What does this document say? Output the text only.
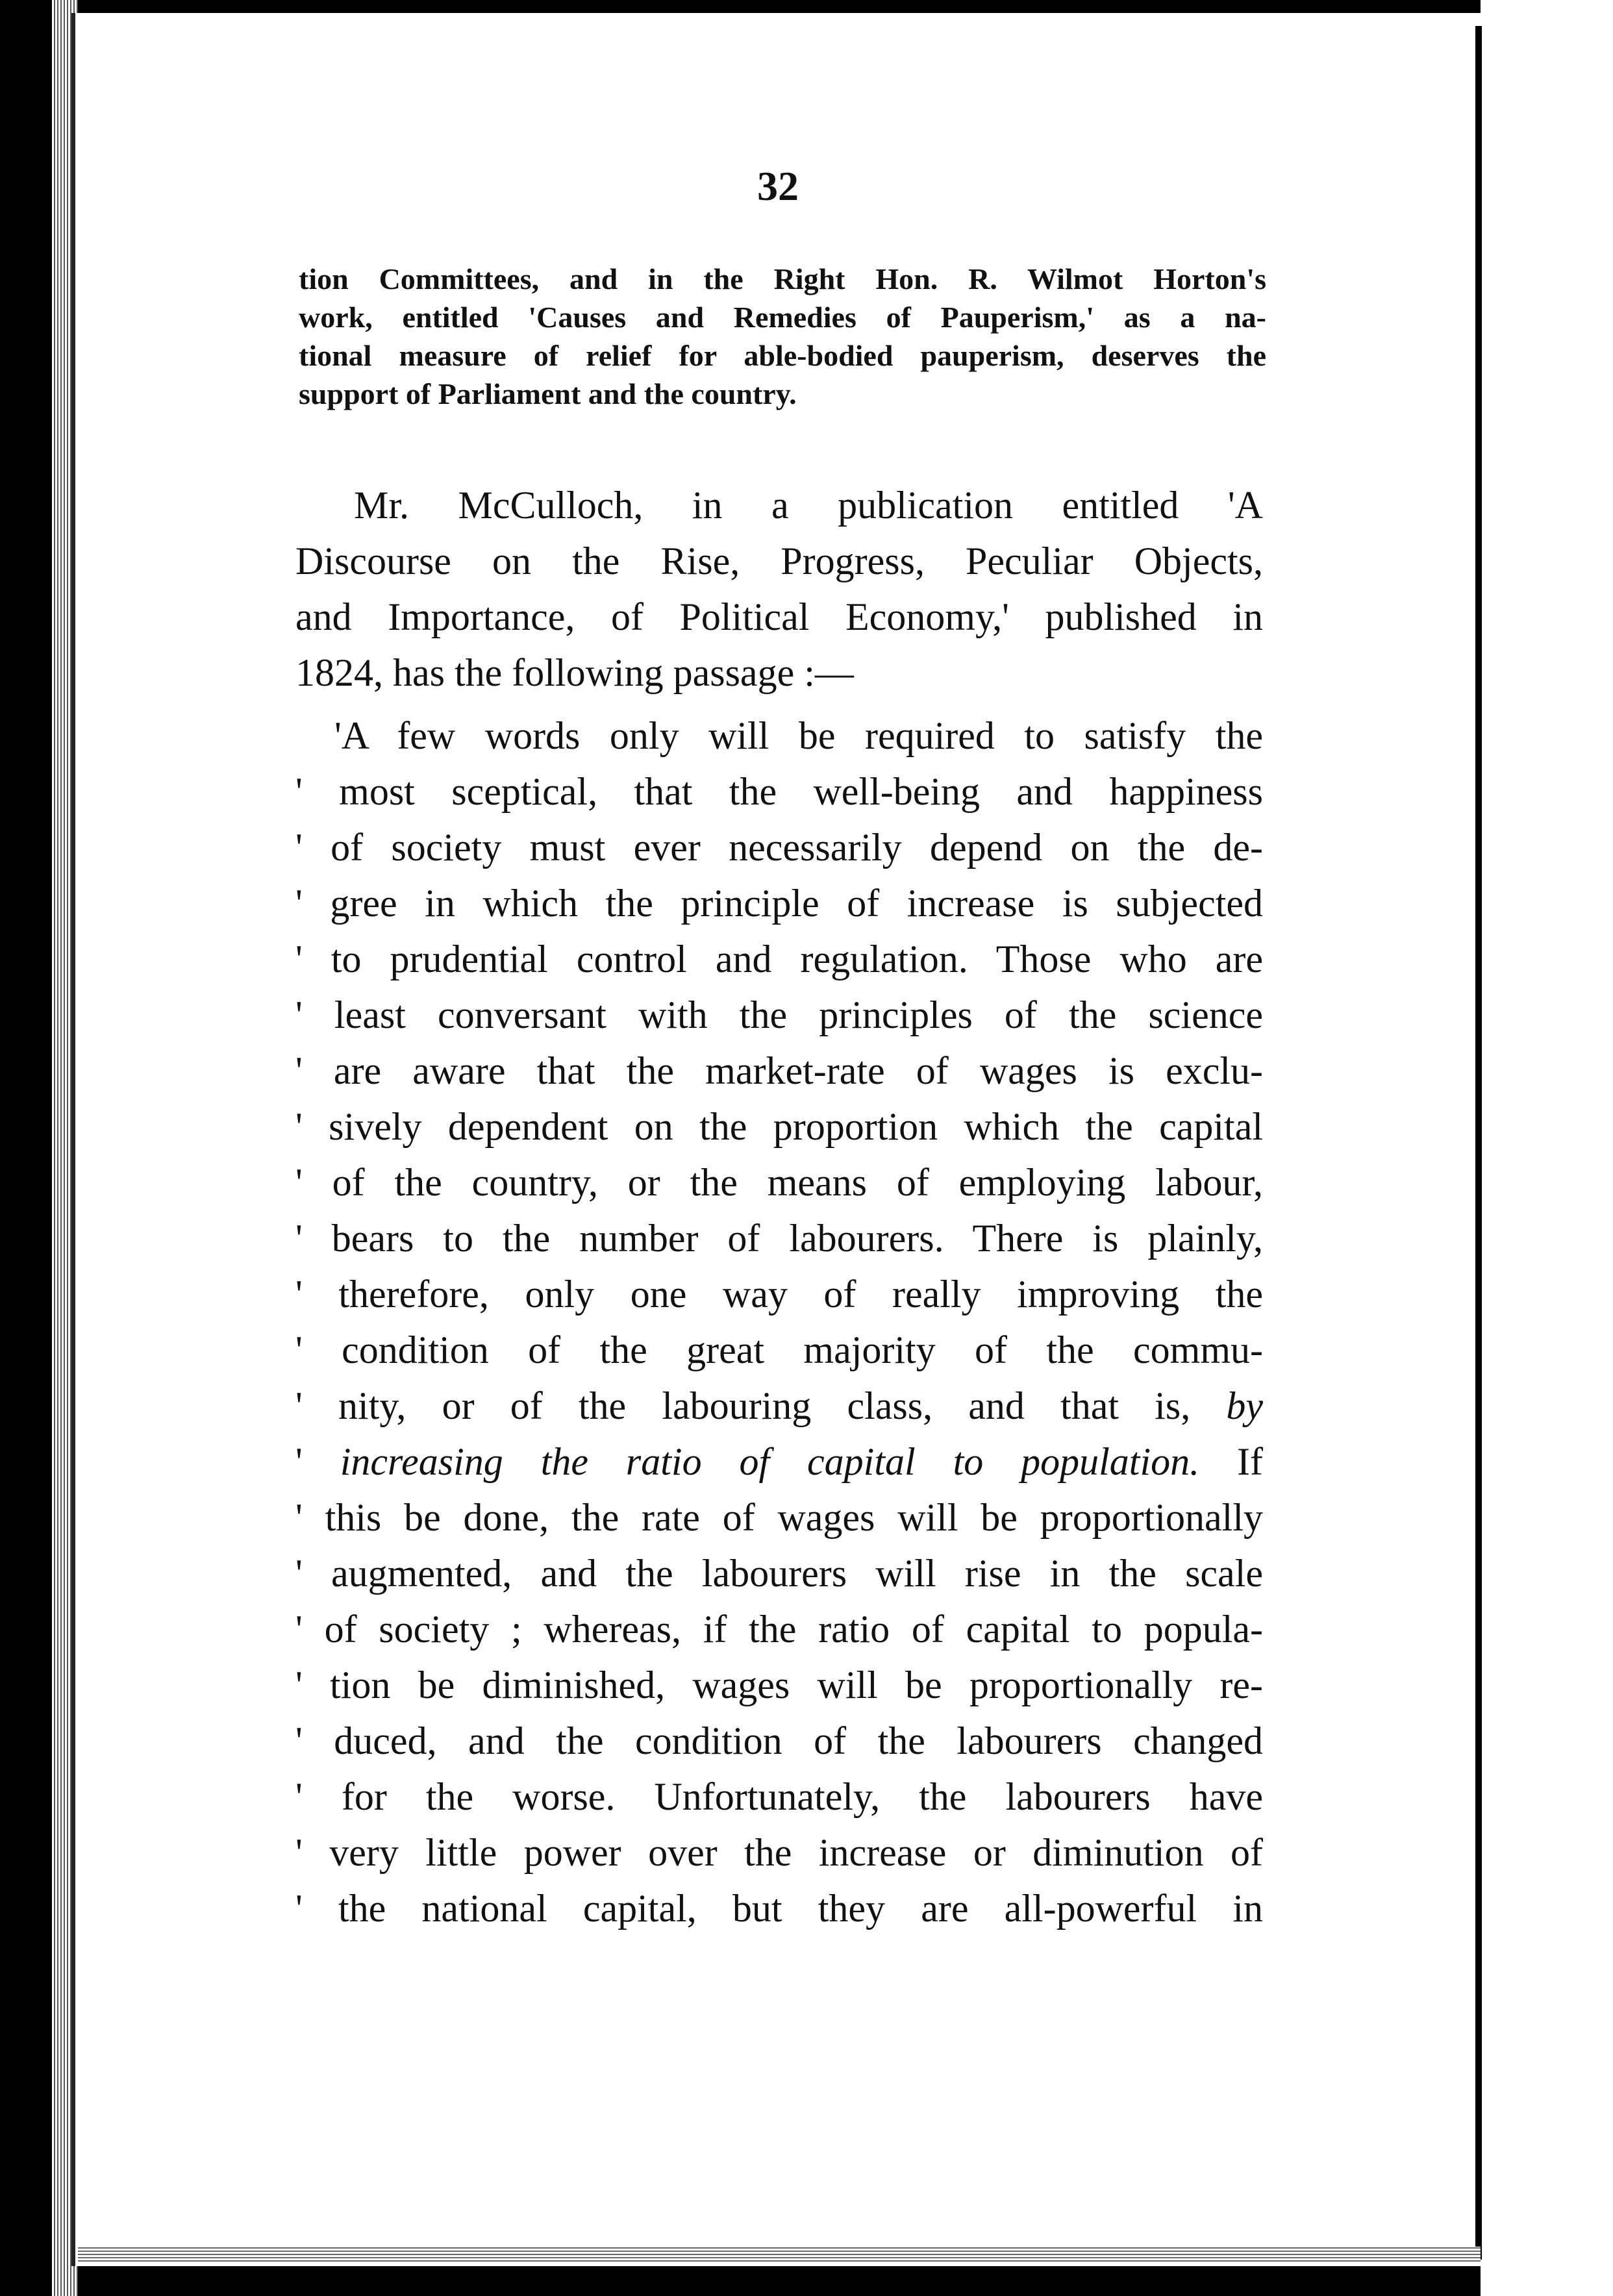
32
tion Committees, and in the Right Hon. R. Wilmot Horton's
work, entitled 'Causes and Remedies of Pauperism,' as a na-
tional measure of relief for able-bodied pauperism, deserves the
support of Parliament and the country.
Mr. McCulloch, in a publication entitled 'A
Discourse on the Rise, Progress, Peculiar Objects,
and Importance, of Political Economy,' published in
1824, has the following passage :—
'A few words only will be required to satisfy the
' most sceptical, that the well-being and happiness
' of society must ever necessarily depend on the de-
' gree in which the principle of increase is subjected
' to prudential control and regulation. Those who are
' least conversant with the principles of the science
' are aware that the market-rate of wages is exclu-
' sively dependent on the proportion which the capital
' of the country, or the means of employing labour,
' bears to the number of labourers. There is plainly,
' therefore, only one way of really improving the
' condition of the great majority of the commu-
' nity, or of the labouring class, and that is, by
' increasing the ratio of capital to population. If
' this be done, the rate of wages will be proportionally
' augmented, and the labourers will rise in the scale
' of society ; whereas, if the ratio of capital to popula-
' tion be diminished, wages will be proportionally re-
' duced, and the condition of the labourers changed
' for the worse. Unfortunately, the labourers have
' very little power over the increase or diminution of
' the national capital, but they are all-powerful in
